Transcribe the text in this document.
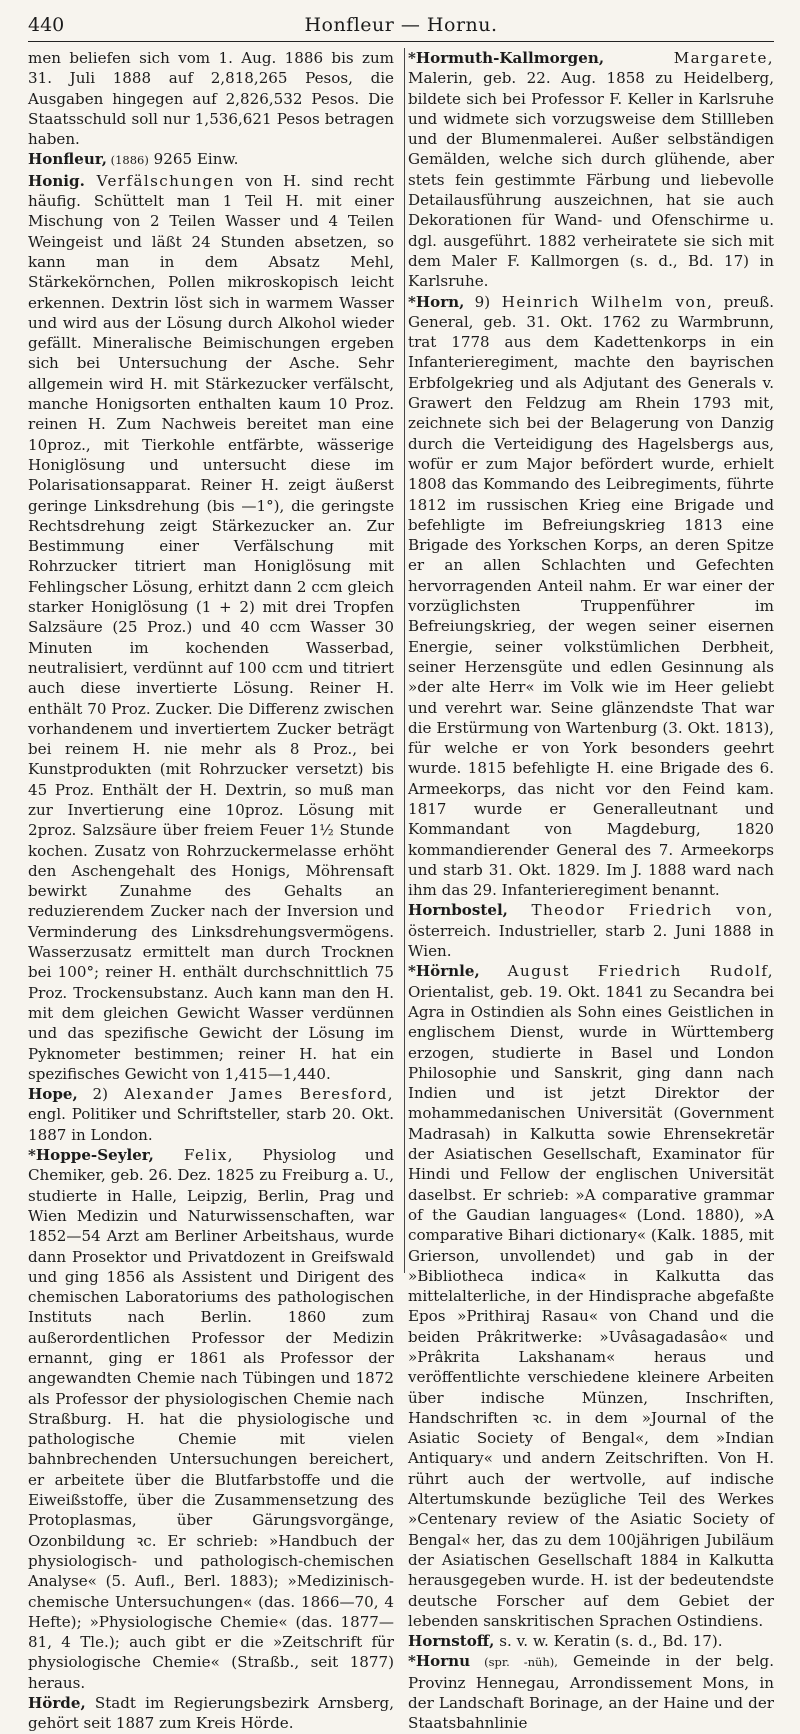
440	Honfleur — Hornu.

men beliefen sich vom 1. Aug. 1886 bis zum 31. Juli 1888 auf 2,818,265 Pesos, die Ausgaben hingegen auf 2,826,532 Pesos. Die Staatsschuld soll nur 1,536,621 Pesos betragen haben.

Honfleur, (1886) 9265 Einw.

Honig. Verfälschungen von H. sind recht häufig. Schüttelt man 1 Teil H. mit einer Mischung von 2 Teilen Wasser und 4 Teilen Weingeist und läßt 24 Stunden absetzen, so kann man in dem Absatz Mehl, Stärkekörnchen, Pollen mikroskopisch leicht erkennen. Dextrin löst sich in warmem Wasser und wird aus der Lösung durch Alkohol wieder gefällt. Mineralische Beimischungen ergeben sich bei Untersuchung der Asche. Sehr allgemein wird H. mit Stärkezucker verfälscht, manche Honigsorten enthalten kaum 10 Proz. reinen H. Zum Nachweis bereitet man eine 10proz., mit Tierkohle entfärbte, wässerige Honiglösung und untersucht diese im Polarisationsapparat. Reiner H. zeigt äußerst geringe Linksdrehung (bis —1°), die geringste Rechtsdrehung zeigt Stärkezucker an. Zur Bestimmung einer Verfälschung mit Rohrzucker titriert man Honiglösung mit Fehlingscher Lösung, erhitzt dann 2 ccm gleich starker Honiglösung (1 + 2) mit drei Tropfen Salzsäure (25 Proz.) und 40 ccm Wasser 30 Minuten im kochenden Wasserbad, neutralisiert, verdünnt auf 100 ccm und titriert auch diese invertierte Lösung. Reiner H. enthält 70 Proz. Zucker. Die Differenz zwischen vorhandenem und invertiertem Zucker beträgt bei reinem H. nie mehr als 8 Proz., bei Kunstprodukten (mit Rohrzucker versetzt) bis 45 Proz. Enthält der H. Dextrin, so muß man zur Invertierung eine 10proz. Lösung mit 2proz. Salzsäure über freiem Feuer 1½ Stunde kochen. Zusatz von Rohrzuckermelasse erhöht den Aschengehalt des Honigs, Möhrensaft bewirkt Zunahme des Gehalts an reduzierendem Zucker nach der Inversion und Verminderung des Linksdrehungsvermögens. Wasserzusatz ermittelt man durch Trocknen bei 100°; reiner H. enthält durchschnittlich 75 Proz. Trockensubstanz. Auch kann man den H. mit dem gleichen Gewicht Wasser verdünnen und das spezifische Gewicht der Lösung im Pyknometer bestimmen; reiner H. hat ein spezifisches Gewicht von 1,415—1,440.

Hope, 2) Alexander James Beresford, engl. Politiker und Schriftsteller, starb 20. Okt. 1887 in London.

*Hoppe-Seyler, Felix, Physiolog und Chemiker, geb. 26. Dez. 1825 zu Freiburg a. U., studierte in Halle, Leipzig, Berlin, Prag und Wien Medizin und Naturwissenschaften, war 1852—54 Arzt am Berliner Arbeitshaus, wurde dann Prosektor und Privatdozent in Greifswald und ging 1856 als Assistent und Dirigent des chemischen Laboratoriums des pathologischen Instituts nach Berlin. 1860 zum außerordentlichen Professor der Medizin ernannt, ging er 1861 als Professor der angewandten Chemie nach Tübingen und 1872 als Professor der physiologischen Chemie nach Straßburg. H. hat die physiologische und pathologische Chemie mit vielen bahnbrechenden Untersuchungen bereichert, er arbeitete über die Blutfarbstoffe und die Eiweißstoffe, über die Zusammensetzung des Protoplasmas, über Gärungsvorgänge, Ozonbildung ꝛc. Er schrieb: »Handbuch der physiologisch- und pathologisch-chemischen Analyse« (5. Aufl., Berl. 1883); »Medizinisch-chemische Untersuchungen« (das. 1866—70, 4 Hefte); »Physiologische Chemie« (das. 1877—81, 4 Tle.); auch gibt er die »Zeitschrift für physiologische Chemie« (Straßb., seit 1877) heraus.

Hörde, Stadt im Regierungsbezirk Arnsberg, gehört seit 1887 zum Kreis Hörde.

*Hormuth-Kallmorgen, Margarete, Malerin, geb. 22. Aug. 1858 zu Heidelberg, bildete sich bei Professor F. Keller in Karlsruhe und widmete sich vorzugsweise dem Stillleben und der Blumenmalerei. Außer selbständigen Gemälden, welche sich durch glühende, aber stets fein gestimmte Färbung und liebevolle Detailausführung auszeichnen, hat sie auch Dekorationen für Wand- und Ofenschirme u. dgl. ausgeführt. 1882 verheiratete sie sich mit dem Maler F. Kallmorgen (s. d., Bd. 17) in Karlsruhe.

*Horn, 9) Heinrich Wilhelm von, preuß. General, geb. 31. Okt. 1762 zu Warmbrunn, trat 1778 aus dem Kadettenkorps in ein Infanterieregiment, machte den bayrischen Erbfolgekrieg und als Adjutant des Generals v. Grawert den Feldzug am Rhein 1793 mit, zeichnete sich bei der Belagerung von Danzig durch die Verteidigung des Hagelsbergs aus, wofür er zum Major befördert wurde, erhielt 1808 das Kommando des Leibregiments, führte 1812 im russischen Krieg eine Brigade und befehligte im Befreiungskrieg 1813 eine Brigade des Yorkschen Korps, an deren Spitze er an allen Schlachten und Gefechten hervorragenden Anteil nahm. Er war einer der vorzüglichsten Truppenführer im Befreiungskrieg, der wegen seiner eisernen Energie, seiner volkstümlichen Derbheit, seiner Herzensgüte und edlen Gesinnung als »der alte Herr« im Volk wie im Heer geliebt und verehrt war. Seine glänzendste That war die Erstürmung von Wartenburg (3. Okt. 1813), für welche er von York besonders geehrt wurde. 1815 befehligte H. eine Brigade des 6. Armeekorps, das nicht vor den Feind kam. 1817 wurde er Generalleutnant und Kommandant von Magdeburg, 1820 kommandierender General des 7. Armeekorps und starb 31. Okt. 1829. Im J. 1888 ward nach ihm das 29. Infanterieregiment benannt.

Hornbostel, Theodor Friedrich von, österreich. Industrieller, starb 2. Juni 1888 in Wien.

*Hörnle, August Friedrich Rudolf, Orientalist, geb. 19. Okt. 1841 zu Secandra bei Agra in Ostindien als Sohn eines Geistlichen in englischem Dienst, wurde in Württemberg erzogen, studierte in Basel und London Philosophie und Sanskrit, ging dann nach Indien und ist jetzt Direktor der mohammedanischen Universität (Government Madrasah) in Kalkutta sowie Ehrensekretär der Asiatischen Gesellschaft, Examinator für Hindi und Fellow der englischen Universität daselbst. Er schrieb: »A comparative grammar of the Gaudian languages« (Lond. 1880), »A comparative Bihari dictionary« (Kalk. 1885, mit Grierson, unvollendet) und gab in der »Bibliotheca indica« in Kalkutta das mittelalterliche, in der Hindisprache abgefaßte Epos »Prithiraj Rasau« von Chand und die beiden Prâkritwerke: »Uvâsagadasâo« und »Prâkrita Lakshanam« heraus und veröffentlichte verschiedene kleinere Arbeiten über indische Münzen, Inschriften, Handschriften ꝛc. in dem »Journal of the Asiatic Society of Bengal«, dem »Indian Antiquary« und andern Zeitschriften. Von H. rührt auch der wertvolle, auf indische Altertumskunde bezügliche Teil des Werkes »Centenary review of the Asiatic Society of Bengal« her, das zu dem 100jährigen Jubiläum der Asiatischen Gesellschaft 1884 in Kalkutta herausgegeben wurde. H. ist der bedeutendste deutsche Forscher auf dem Gebiet der lebenden sanskritischen Sprachen Ostindiens.

Hornstoff, s. v. w. Keratin (s. d., Bd. 17).

*Hornu (spr. -nüh), Gemeinde in der belg. Provinz Hennegau, Arrondissement Mons, in der Landschaft Borinage, an der Haine und der Staatsbahnlinie
